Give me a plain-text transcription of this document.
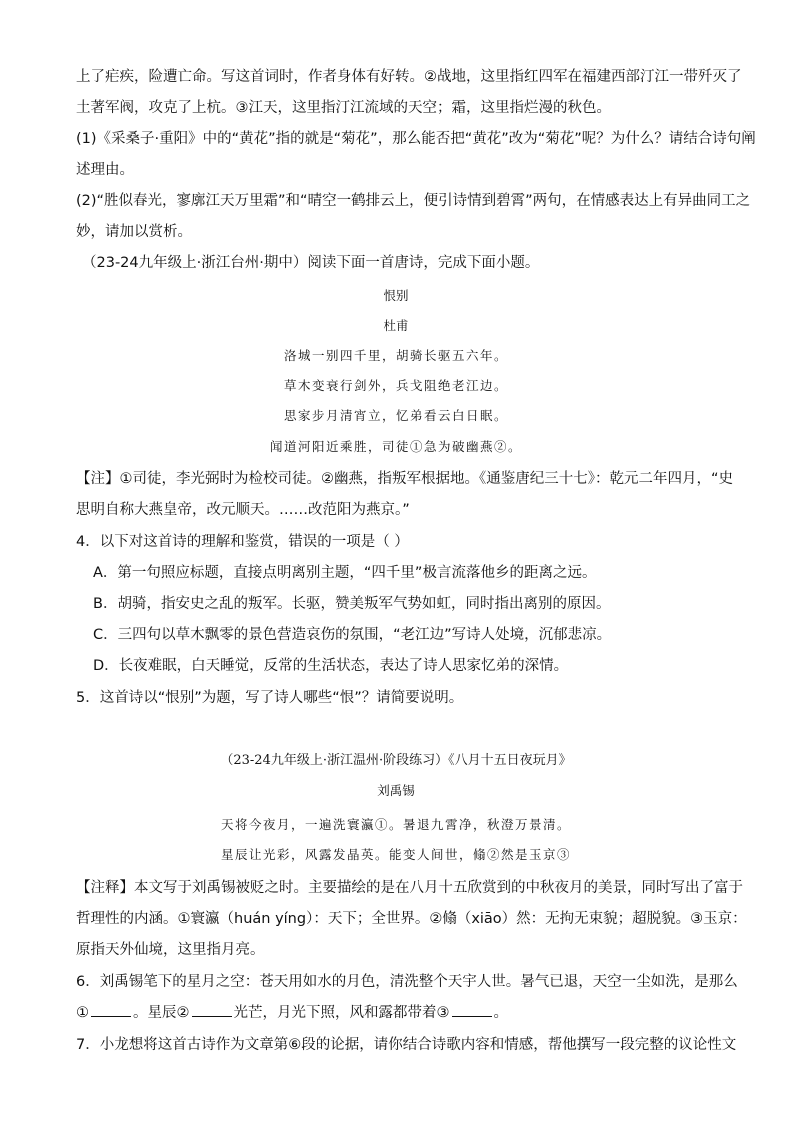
上了疟疾，险遭亡命。写这首词时，作者身体有好转。②战地，这里指红四军在福建西部汀江一带歼灭了
土著军阀，攻克了上杭。③江天，这里指汀江流域的天空；霜，这里指烂漫的秋色。
(1)《采桑子·重阳》中的“黄花”指的就是“菊花”，那么能否把“黄花”改为“菊花”呢？为什么？请结合诗句阐
述理由。
(2)“胜似春光，寥廓江天万里霜”和“晴空一鹤排云上，便引诗情到碧霄”两句，在情感表达上有异曲同工之
妙，请加以赏析。
（23-24九年级上·浙江台州·期中）阅读下面一首唐诗，完成下面小题。
恨别
杜甫
洛城一别四千里，胡骑长驱五六年。
草木变衰行剑外，兵戈阻绝老江边。
思家步月清宵立，忆弟看云白日眠。
闻道河阳近乘胜，司徒①急为破幽燕②。
【注】①司徒，李光弼时为检校司徒。②幽燕，指叛军根据地。《通鉴唐纪三十七》：乾元二年四月，“史
思明自称大燕皇帝，改元顺天。……改范阳为燕京。”
4．以下对这首诗的理解和鉴赏，错误的一项是（ ）
A．第一句照应标题，直接点明离别主题，“四千里”极言流落他乡的距离之远。
B．胡骑，指安史之乱的叛军。长驱，赞美叛军气势如虹，同时指出离别的原因。
C．三四句以草木飘零的景色营造哀伤的氛围，“老江边”写诗人处境，沉郁悲凉。
D．长夜难眠，白天睡觉，反常的生活状态，表达了诗人思家忆弟的深情。
5．这首诗以“恨别”为题，写了诗人哪些“恨”？请简要说明。
（23-24九年级上·浙江温州·阶段练习）《八月十五日夜玩月》
刘禹锡
天将今夜月，一遍洗寰瀛①。暑退九霄净，秋澄万景清。
星辰让光彩，风露发晶英。能变人间世，翛②然是玉京③
【注释】本文写于刘禹锡被贬之时。主要描绘的是在八月十五欣赏到的中秋夜月的美景，同时写出了富于
哲理性的内涵。①寰瀛（huán yíng）：天下；全世界。②翛（xiāo）然：无拘无束貌；超脱貌。③玉京：
原指天外仙境，这里指月亮。
6．刘禹锡笔下的星月之空：苍天用如水的月色，清洗整个天宇人世。暑气已退，天空一尘如洗，是那么
①	。星辰②	光芒，月光下照，风和露都带着③	。
7．小龙想将这首古诗作为文章第⑥段的论据，请你结合诗歌内容和情感，帮他撰写一段完整的议论性文
